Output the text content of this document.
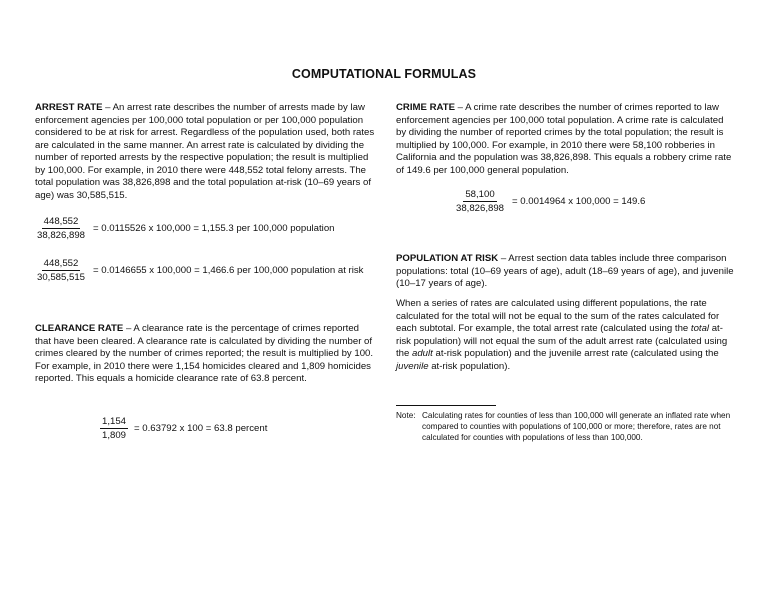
COMPUTATIONAL FORMULAS

ARREST RATE – An arrest rate describes the number of arrests made by law enforcement agencies per 100,000 total population or per 100,000 population considered to be at risk for arrest. Regardless of the population used, both rates are calculated in the same manner. An arrest rate is calculated by dividing the number of reported arrests by the respective population; the result is multiplied by 100,000. For example, in 2010 there were 448,552 total felony arrests. The total population was 38,826,898 and the total population at-risk (10–69 years of age) was 30,585,515.

$\frac{448,552}{38,826,898} = 0.0115526$ x 100,000 = 1,155.3 per 100,000 population
$\frac{448,552}{30,585,515} = 0.0146655$ x 100,000 = 1,466.6 per 100,000 population at risk

CLEARANCE RATE – A clearance rate is the percentage of crimes reported that have been cleared. A clearance rate is calculated by dividing the number of crimes cleared by the number of crimes reported; the result is multiplied by 100. For example, in 2010 there were 1,154 homicides cleared and 1,809 homicides reported. This equals a homicide clearance rate of 63.8 percent.

$\frac{1,154}{1,809} = 0.63792$ x 100 = 63.8 percent

CRIME RATE – A crime rate describes the number of crimes reported to law enforcement agencies per 100,000 total population. A crime rate is calculated by dividing the number of reported crimes by the total population; the result is multiplied by 100,000. For example, in 2010 there were 58,100 robberies in California and the population was 38,826,898. This equals a robbery crime rate of 149.6 per 100,000 general population.

$\frac{58,100}{38,826,898} = 0.0014964$ x 100,000 = 149.6

POPULATION AT RISK – Arrest section data tables include three comparison populations: total (10–69 years of age), adult (18–69 years of age), and juvenile (10–17 years of age).

When a series of rates are calculated using different populations, the rate calculated for the total will not be equal to the sum of the rates calculated for each subtotal. For example, the total arrest rate (calculated using the total at-risk population) will not equal the sum of the adult arrest rate (calculated using the adult at-risk population) and the juvenile arrest rate (calculated using the juvenile at-risk population).

Note: Calculating rates for counties of less than 100,000 will generate an inflated rate when compared to counties with populations of 100,000 or more; therefore, rates are not calculated for counties with populations of less than 100,000.
